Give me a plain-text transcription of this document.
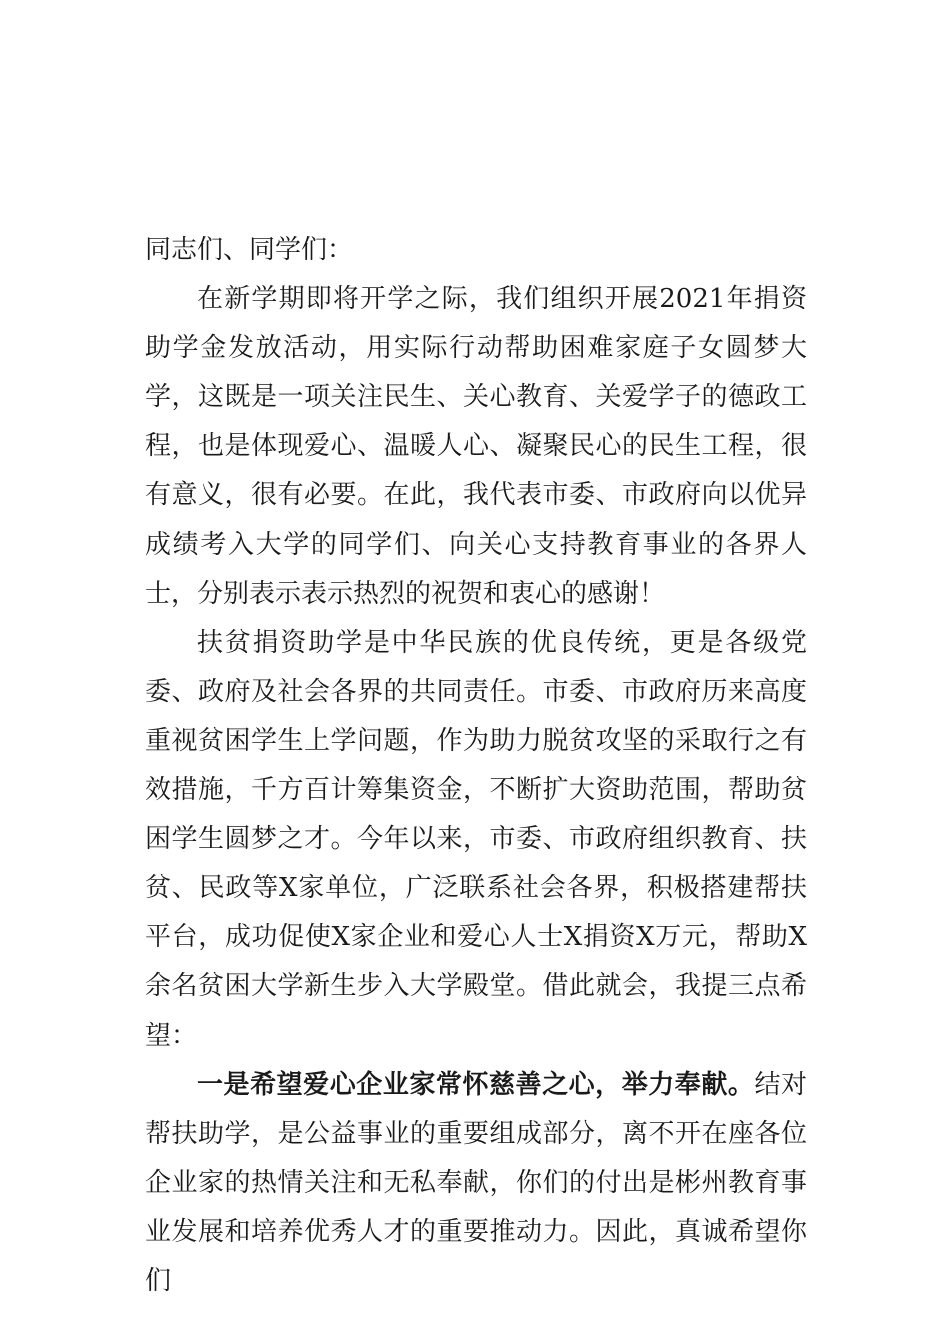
同志们、同学们：

在新学期即将开学之际，我们组织开展2021年捐资助学金发放活动，用实际行动帮助困难家庭子女圆梦大学，这既是一项关注民生、关心教育、关爱学子的德政工程，也是体现爱心、温暖人心、凝聚民心的民生工程，很有意义，很有必要。在此，我代表市委、市政府向以优异成绩考入大学的同学们、向关心支持教育事业的各界人士，分别表示表示热烈的祝贺和衷心的感谢！

扶贫捐资助学是中华民族的优良传统，更是各级党委、政府及社会各界的共同责任。市委、市政府历来高度重视贫困学生上学问题，作为助力脱贫攻坚的采取行之有效措施，千方百计筹集资金，不断扩大资助范围，帮助贫困学生圆梦之才。今年以来，市委、市政府组织教育、扶贫、民政等X家单位，广泛联系社会各界，积极搭建帮扶平台，成功促使X家企业和爱心人士X捐资X万元，帮助X余名贫困大学新生步入大学殿堂。借此就会，我提三点希望：

一是希望爱心企业家常怀慈善之心，举力奉献。结对帮扶助学，是公益事业的重要组成部分，离不开在座各位企业家的热情关注和无私奉献，你们的付出是彬州教育事业发展和培养优秀人才的重要推动力。因此，真诚希望你们
